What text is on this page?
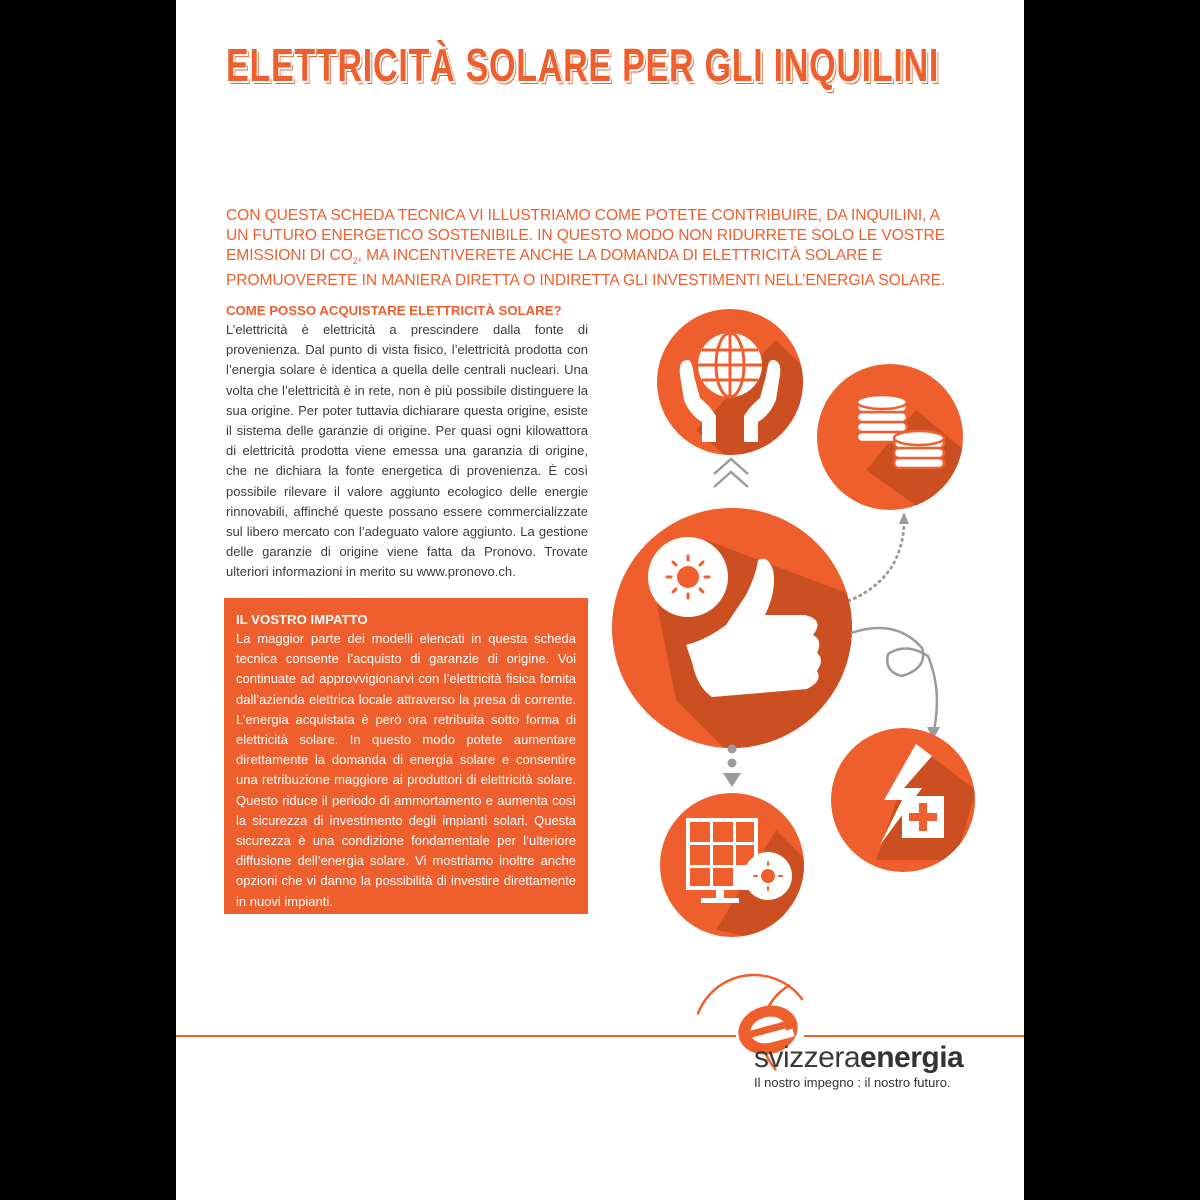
ELETTRICITÀ SOLARE PER GLI INQUILINI

CON QUESTA SCHEDA TECNICA VI ILLUSTRIAMO COME POTETE CONTRIBUIRE, DA INQUILINI, A UN FUTURO ENERGETICO SOSTENIBILE. IN QUESTO MODO NON RIDURRETE SOLO LE VOSTRE EMISSIONI DI $CO_2$, MA INCENTIVERETE ANCHE LA DOMANDA DI ELETTRICITÀ SOLARE E PROMUOVERETE IN MANIERA DIRETTA O INDIRETTA GLI INVESTIMENTI NELL’ENERGIA SOLARE.

COME POSSO ACQUISTARE ELETTRICITÀ SOLARE?

L’elettricità è elettricità a prescindere dalla fonte di provenienza. Dal punto di vista fisico, l’elettricità prodotta con l’energia solare è identica a quella delle centrali nucleari. Una volta che l’elettricità è in rete, non è più possibile distinguere la sua origine. Per poter tuttavia dichiarare questa origine, esiste il sistema delle garanzie di origine. Per quasi ogni kilowattora di elettricità prodotta viene emessa una garanzia di origine, che ne dichiara la fonte energetica di provenienza. È così possibile rilevare il valore aggiunto ecologico delle energie rinnovabili, affinché queste possano essere commercializzate sul libero mercato con l’adeguato valore aggiunto. La gestione delle garanzie di origine viene fatta da Pronovo. Trovate ulteriori informazioni in merito su www.pronovo.ch.

IL VOSTRO IMPATTO

La maggior parte dei modelli elencati in questa scheda tecnica consente l’acquisto di garanzie di origine. Voi continuate ad approvvigionarvi con l’elettricità fisica fornita dall’azienda elettrica locale attraverso la presa di corrente. L’energia acquistata è però ora retribuita sotto forma di elettricità solare. In questo modo potete aumentare direttamente la domanda di energia solare e consentire una retribuzione maggiore ai produttori di elettricità solare. Questo riduce il periodo di ammortamento e aumenta così la sicurezza di investimento degli impianti solari. Questa sicurezza è una condizione fondamentale per l’ulteriore diffusione dell’energia solare. Vi mostriamo inoltre anche opzioni che vi danno la possibilità di investire direttamente in nuovi impianti.

svizzeraenergia
Il nostro impegno : il nostro futuro.
